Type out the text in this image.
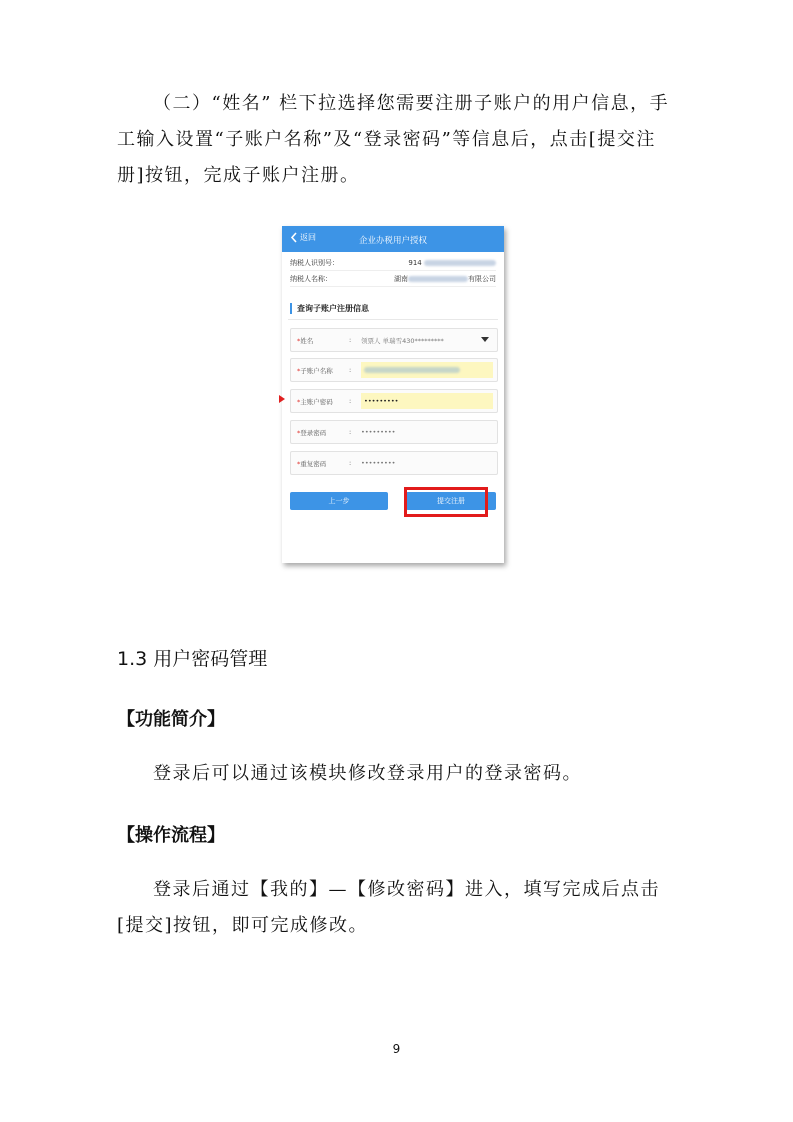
（二）“姓名” 栏下拉选择您需要注册子账户的用户信息，手工输入设置“子账户名称”及“登录密码”等信息后，点击[提交注册]按钮，完成子账户注册。

返回	企业办税用户授权
纳税人识别号：	914
纳税人名称：	湖南	有限公司
查询子账户注册信息
*姓名	:	领票人 单瑞雪430*********
*子账户名称	:
*主账户密码	:	•••••••••
*登录密码	:	•••••••••
*重复密码	:	•••••••••
上一步	提交注册
1.3 用户密码管理
【功能简介】

登录后可以通过该模块修改登录用户的登录密码。

【操作流程】

登录后通过【我的】—【修改密码】进入，填写完成后点击[提交]按钮，即可完成修改。

9
